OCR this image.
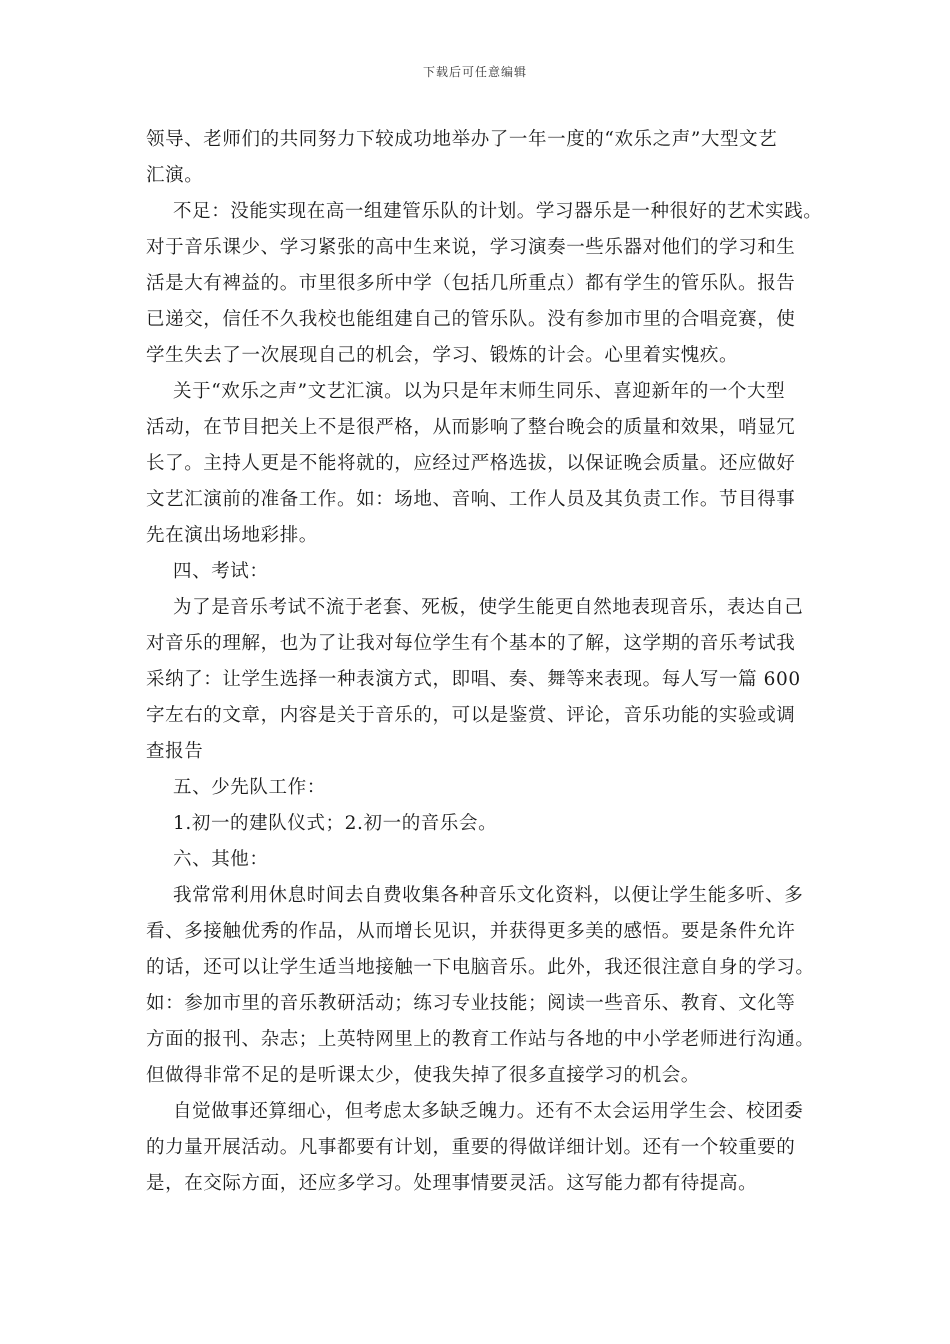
下载后可任意编辑
领导、老师们的共同努力下较成功地举办了一年一度的“欢乐之声”大型文艺
汇演。
不足：没能实现在高一组建管乐队的计划。学习器乐是一种很好的艺术实践。
对于音乐课少、学习紧张的高中生来说，学习演奏一些乐器对他们的学习和生
活是大有裨益的。市里很多所中学（包括几所重点）都有学生的管乐队。报告
已递交，信任不久我校也能组建自己的管乐队。没有参加市里的合唱竞赛，使
学生失去了一次展现自己的机会，学习、锻炼的计会。心里着实愧疚。
关于“欢乐之声”文艺汇演。以为只是年末师生同乐、喜迎新年的一个大型
活动，在节目把关上不是很严格，从而影响了整台晚会的质量和效果，哨显冗
长了。主持人更是不能将就的，应经过严格选拔，以保证晚会质量。还应做好
文艺汇演前的准备工作。如：场地、音响、工作人员及其负责工作。节目得事
先在演出场地彩排。
四、考试：
为了是音乐考试不流于老套、死板，使学生能更自然地表现音乐，表达自己
对音乐的理解，也为了让我对每位学生有个基本的了解，这学期的音乐考试我
采纳了：让学生选择一种表演方式，即唱、奏、舞等来表现。每人写一篇 600
字左右的文章，内容是关于音乐的，可以是鉴赏、评论，音乐功能的实验或调
查报告
五、少先队工作：
1.初一的建队仪式；2.初一的音乐会。
六、其他：
我常常利用休息时间去自费收集各种音乐文化资料，以便让学生能多听、多
看、多接触优秀的作品，从而增长见识，并获得更多美的感悟。要是条件允许
的话，还可以让学生适当地接触一下电脑音乐。此外，我还很注意自身的学习。
如：参加市里的音乐教研活动；练习专业技能；阅读一些音乐、教育、文化等
方面的报刊、杂志；上英特网里上的教育工作站与各地的中小学老师进行沟通。
但做得非常不足的是听课太少，使我失掉了很多直接学习的机会。
自觉做事还算细心，但考虑太多缺乏魄力。还有不太会运用学生会、校团委
的力量开展活动。凡事都要有计划，重要的得做详细计划。还有一个较重要的
是，在交际方面，还应多学习。处理事情要灵活。这写能力都有待提高。
